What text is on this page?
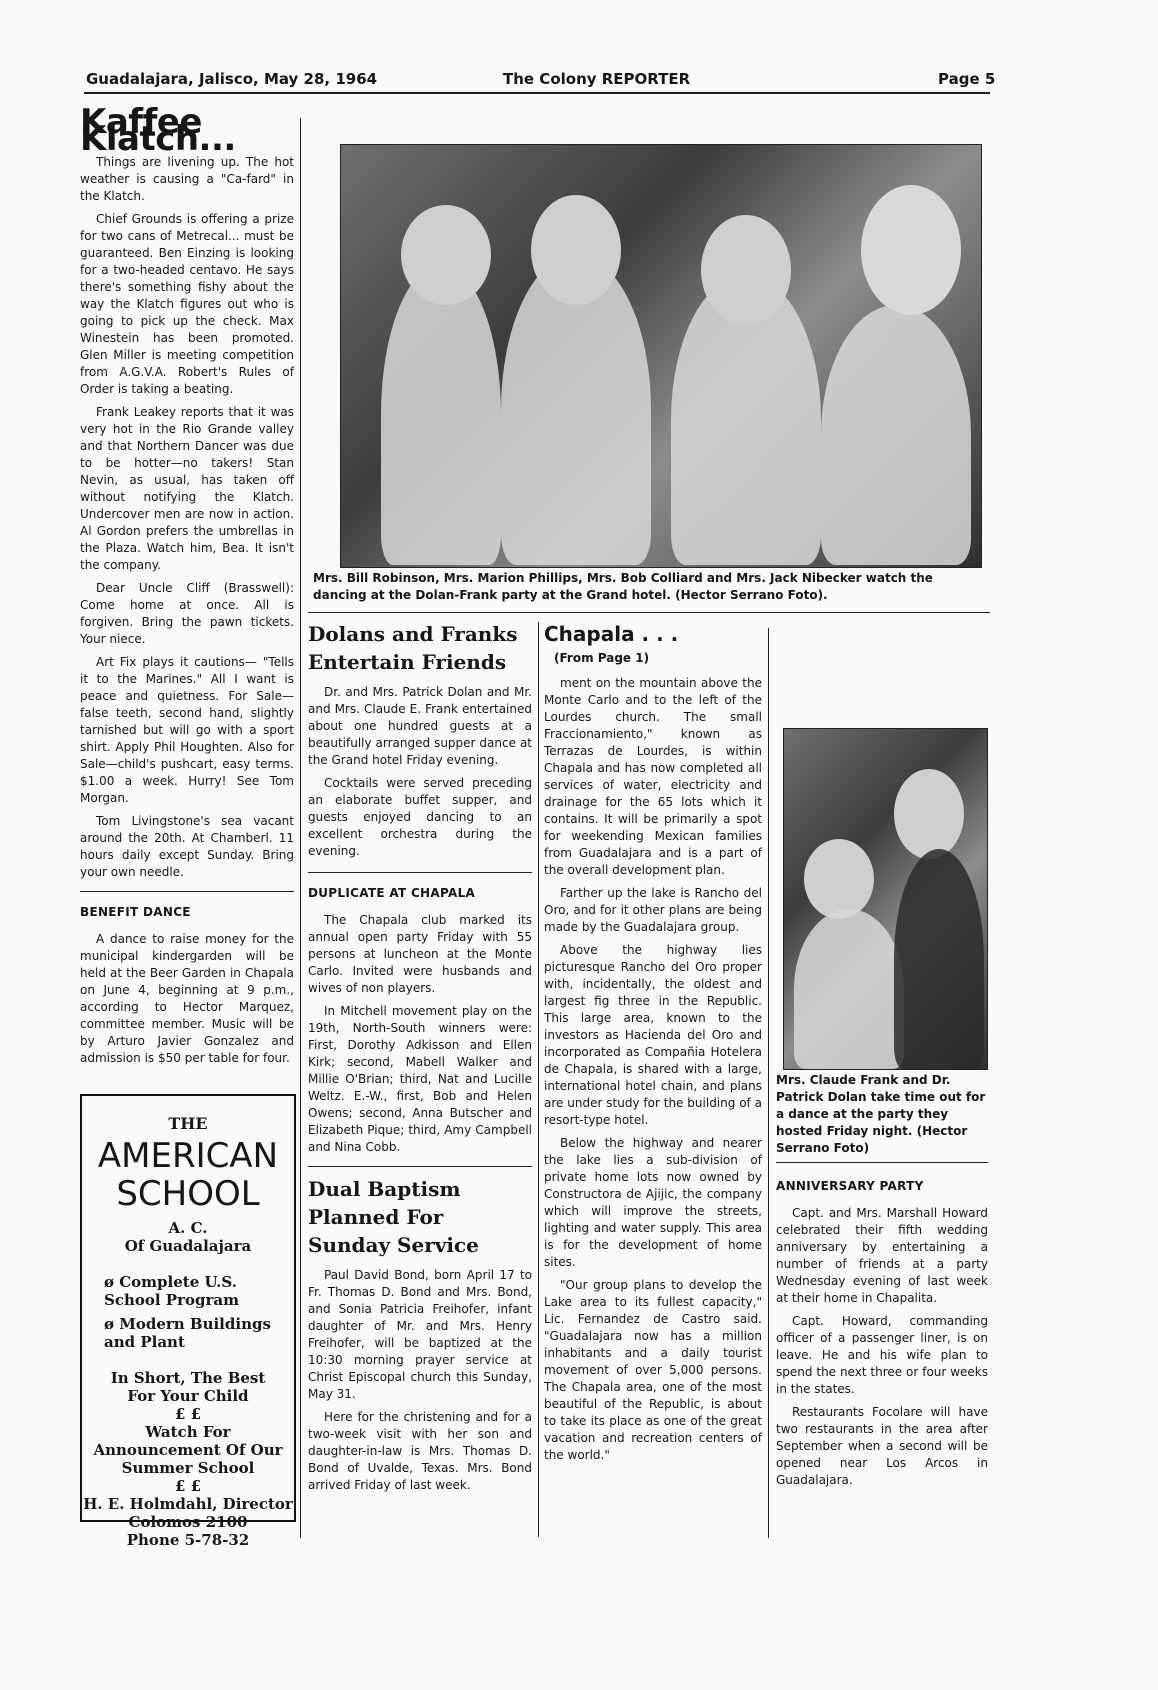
Guadalajara, Jalisco, May 28, 1964	The Colony REPORTER	Page 5
Kaffee Klatch...

Things are livening up. The hot weather is causing a "Ca-fard" in the Klatch.

Chief Grounds is offering a prize for two cans of Metrecal... must be guaranteed. Ben Einzing is looking for a two-headed centavo. He says there's something fishy about the way the Klatch figures out who is going to pick up the check. Max Winestein has been promoted. Glen Miller is meeting competition from A.G.V.A. Robert's Rules of Order is taking a beating.

Frank Leakey reports that it was very hot in the Rio Grande valley and that Northern Dancer was due to be hotter—no takers! Stan Nevin, as usual, has taken off without notifying the Klatch. Undercover men are now in action. Al Gordon prefers the umbrellas in the Plaza. Watch him, Bea. It isn't the company.

Dear Uncle Cliff (Brasswell): Come home at once. All is forgiven. Bring the pawn tickets. Your niece.

Art Fix plays it cautions— "Tells it to the Marines." All I want is peace and quietness. For Sale—false teeth, second hand, slightly tarnished but will go with a sport shirt. Apply Phil Houghten. Also for Sale—child's pushcart, easy terms. $1.00 a week. Hurry! See Tom Morgan.

Tom Livingstone's sea vacant around the 20th. At Chamberl. 11 hours daily except Sunday. Bring your own needle.

BENEFIT DANCE

A dance to raise money for the municipal kindergarden will be held at the Beer Garden in Chapala on June 4, beginning at 9 p.m., according to Hector Marquez, committee member. Music will be by Arturo Javier Gonzalez and admission is $50 per table for four.

THE
AMERICAN
SCHOOL
A. C.
Of Guadalajara
ø Complete U.S. School Program
ø Modern Buildings and Plant
In Short, The Best For Your Child
£ £
Watch For Announcement Of Our Summer School
£ £
H. E. Holmdahl, Director
Colomos 2100
Phone 5-78-32
Mrs. Bill Robinson, Mrs. Marion Phillips, Mrs. Bob Colliard and Mrs. Jack Nibecker watch the dancing at the Dolan-Frank party at the Grand hotel. (Hector Serrano Foto).
Dolans and Franks Entertain Friends

Dr. and Mrs. Patrick Dolan and Mr. and Mrs. Claude E. Frank entertained about one hundred guests at a beautifully arranged supper dance at the Grand hotel Friday evening.

Cocktails were served preceding an elaborate buffet supper, and guests enjoyed dancing to an excellent orchestra during the evening.

DUPLICATE AT CHAPALA

The Chapala club marked its annual open party Friday with 55 persons at luncheon at the Monte Carlo. Invited were husbands and wives of non players.

In Mitchell movement play on the 19th, North-South winners were: First, Dorothy Adkisson and Ellen Kirk; second, Mabell Walker and Millie O'Brian; third, Nat and Lucille Weltz. E.-W., first, Bob and Helen Owens; second, Anna Butscher and Elizabeth Pique; third, Amy Campbell and Nina Cobb.

Dual Baptism Planned For Sunday Service

Paul David Bond, born April 17 to Fr. Thomas D. Bond and Mrs. Bond, and Sonia Patricia Freihofer, infant daughter of Mr. and Mrs. Henry Freihofer, will be baptized at the 10:30 morning prayer service at Christ Episcopal church this Sunday, May 31.

Here for the christening and for a two-week visit with her son and daughter-in-law is Mrs. Thomas D. Bond of Uvalde, Texas. Mrs. Bond arrived Friday of last week.

Chapala . . .
(From Page 1)

ment on the mountain above the Monte Carlo and to the left of the Lourdes church. The small Fraccionamiento," known as Terrazas de Lourdes, is within Chapala and has now completed all services of water, electricity and drainage for the 65 lots which it contains. It will be primarily a spot for weekending Mexican families from Guadalajara and is a part of the overall development plan.

Farther up the lake is Rancho del Oro, and for it other plans are being made by the Guadalajara group.

Above the highway lies picturesque Rancho del Oro proper with, incidentally, the oldest and largest fig three in the Republic. This large area, known to the investors as Hacienda del Oro and incorporated as Compañia Hotelera de Chapala, is shared with a large, international hotel chain, and plans are under study for the building of a resort-type hotel.

Below the highway and nearer the lake lies a sub-division of private home lots now owned by Constructora de Ajijic, the company which will improve the streets, lighting and water supply. This area is for the development of home sites.

"Our group plans to develop the Lake area to its fullest capacity," Lic. Fernandez de Castro said. "Guadalajara now has a million inhabitants and a daily tourist movement of over 5,000 persons. The Chapala area, one of the most beautiful of the Republic, is about to take its place as one of the great vacation and recreation centers of the world."

Mrs. Claude Frank and Dr. Patrick Dolan take time out for a dance at the party they hosted Friday night. (Hector Serrano Foto)
ANNIVERSARY PARTY

Capt. and Mrs. Marshall Howard celebrated their fifth wedding anniversary by entertaining a number of friends at a party Wednesday evening of last week at their home in Chapalita.

Capt. Howard, commanding officer of a passenger liner, is on leave. He and his wife plan to spend the next three or four weeks in the states.

Restaurants Focolare will have two restaurants in the area after September when a second will be opened near Los Arcos in Guadalajara.
